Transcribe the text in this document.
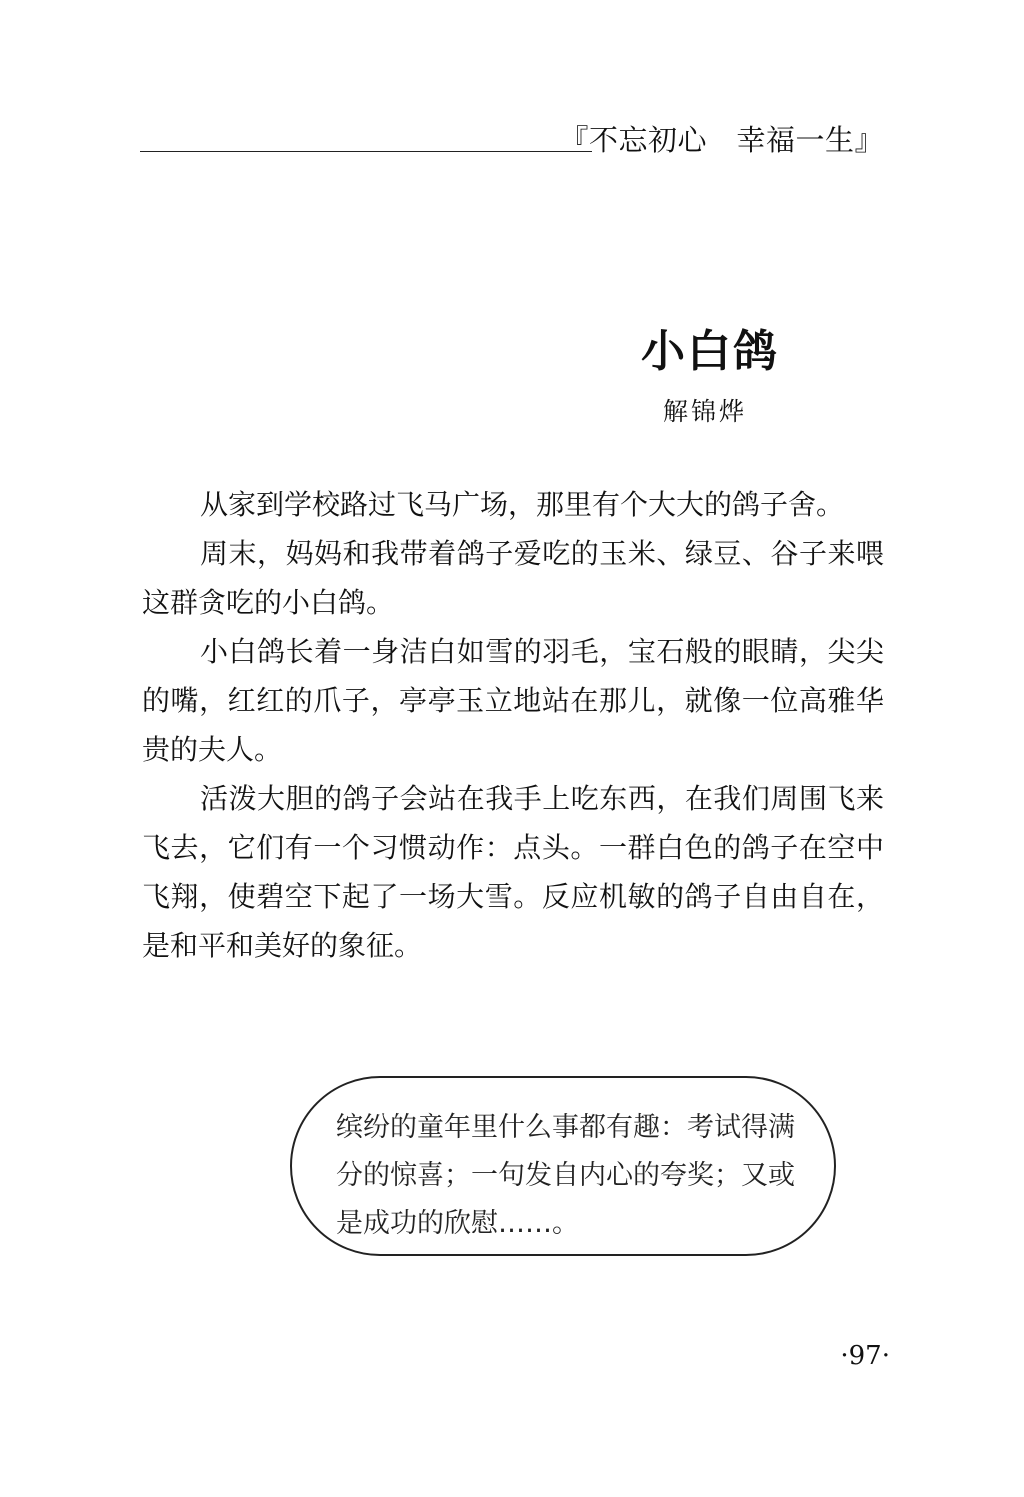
『不忘初心　幸福一生』
小白鸽
解锦烨

从家到学校路过飞马广场，那里有个大大的鸽子舍。

周末，妈妈和我带着鸽子爱吃的玉米、绿豆、谷子来喂这群贪吃的小白鸽。

小白鸽长着一身洁白如雪的羽毛，宝石般的眼睛，尖尖的嘴，红红的爪子，亭亭玉立地站在那儿，就像一位高雅华贵的夫人。

活泼大胆的鸽子会站在我手上吃东西，在我们周围飞来飞去，它们有一个习惯动作：点头。一群白色的鸽子在空中飞翔，使碧空下起了一场大雪。反应机敏的鸽子自由自在，是和平和美好的象征。

缤纷的童年里什么事都有趣：考试得满分的惊喜；一句发自内心的夸奖；又或是成功的欣慰……。
·97·
